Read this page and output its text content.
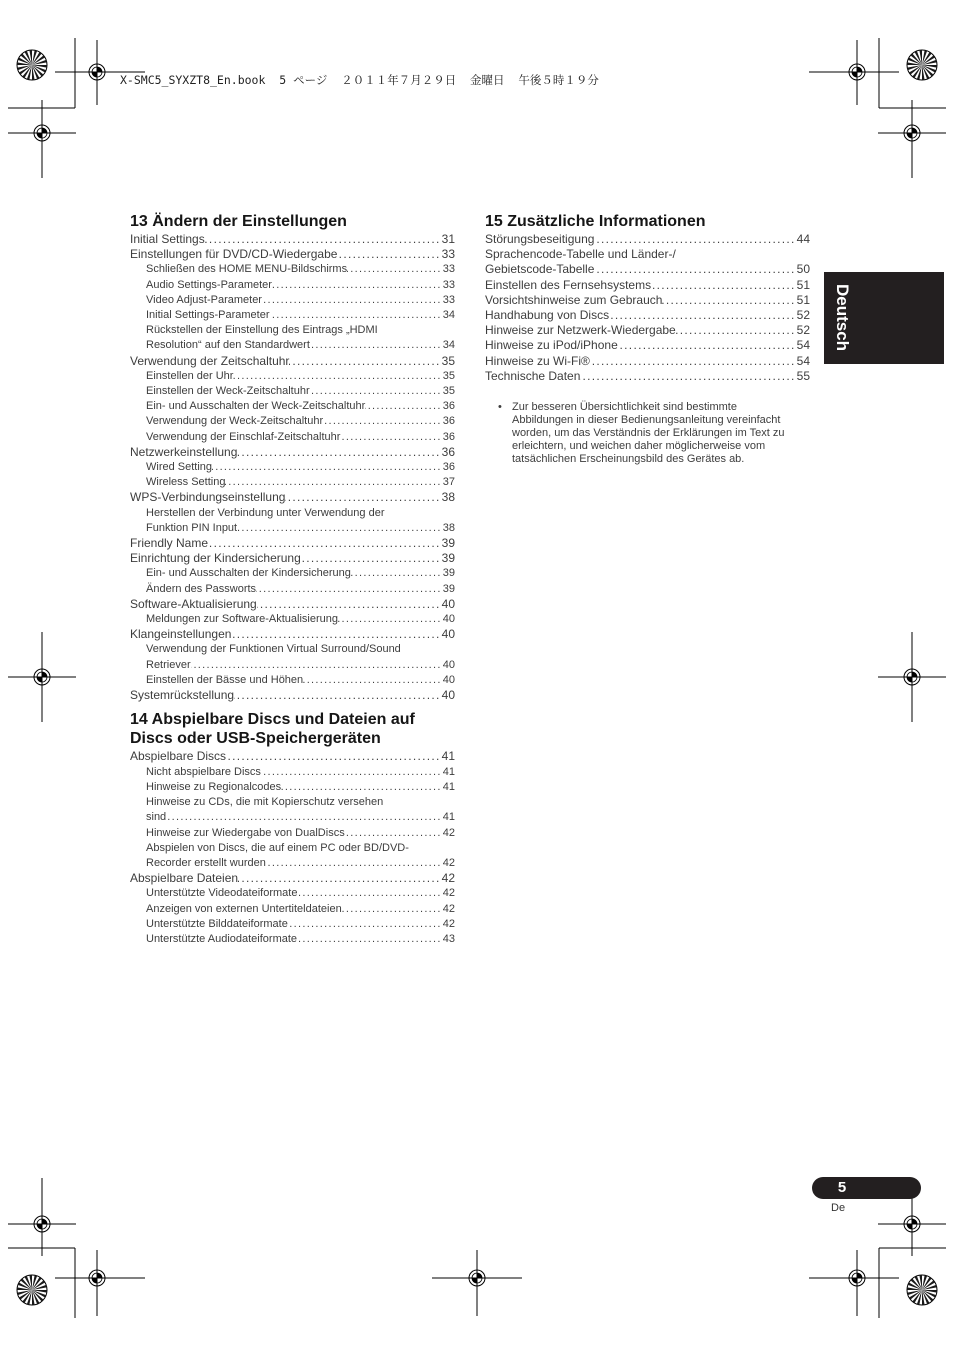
X-SMC5_SYXZT8_En.book  5 ページ  ２０１１年７月２９日  金曜日  午後５時１９分
13 Ändern der Einstellungen
Initial Settings .....	31
Einstellungen für DVD/CD-Wiedergabe .....	33
Schließen des HOME MENU-Bildschirms .....	33
Audio Settings-Parameter .....	33
Video Adjust-Parameter .....	33
Initial Settings-Parameter .....	34
Rückstellen der Einstellung des Eintrags „HDMI
Resolution“ auf den Standardwert .....	34
Verwendung der Zeitschaltuhr .....	35
Einstellen der Uhr .....	35
Einstellen der Weck-Zeitschaltuhr .....	35
Ein- und Ausschalten der Weck-Zeitschaltuhr .....	36
Verwendung der Weck-Zeitschaltuhr .....	36
Verwendung der Einschlaf-Zeitschaltuhr .....	36
Netzwerkeinstellung .....	36
Wired Setting .....	36
Wireless Setting .....	37
WPS-Verbindungseinstellung .....	38
Herstellen der Verbindung unter Verwendung der
Funktion PIN Input .....	38
Friendly Name .....	39
Einrichtung der Kindersicherung .....	39
Ein- und Ausschalten der Kindersicherung .....	39
Ändern des Passworts .....	39
Software-Aktualisierung .....	40
Meldungen zur Software-Aktualisierung .....	40
Klangeinstellungen .....	40
Verwendung der Funktionen Virtual Surround/Sound
Retriever .....	40
Einstellen der Bässe und Höhen .....	40
Systemrückstellung .....	40
14 Abspielbare Discs und Dateien auf
Discs oder USB-Speichergeräten
Abspielbare Discs .....	41
Nicht abspielbare Discs .....	41
Hinweise zu Regionalcodes .....	41
Hinweise zu CDs, die mit Kopierschutz versehen
sind .....	41
Hinweise zur Wiedergabe von DualDiscs .....	42
Abspielen von Discs, die auf einem PC oder BD/DVD-
Recorder erstellt wurden .....	42
Abspielbare Dateien .....	42
Unterstützte Videodateiformate .....	42
Anzeigen von externen Untertiteldateien .....	42
Unterstützte Bilddateiformate .....	42
Unterstützte Audiodateiformate .....	43
15 Zusätzliche Informationen
Störungsbeseitigung .....	44
Sprachencode-Tabelle und Länder-/
Gebietscode-Tabelle .....	50
Einstellen des Fernsehsystems .....	51
Vorsichtshinweise zum Gebrauch .....	51
Handhabung von Discs .....	52
Hinweise zur Netzwerk-Wiedergabe .....	52
Hinweise zu iPod/iPhone .....	54
Hinweise zu Wi-Fi® .....	54
Technische Daten .....	55
• Zur besseren Übersichtlichkeit sind bestimmte
Abbildungen in dieser Bedienungsanleitung vereinfacht
worden, um das Verständnis der Erklärungen im Text zu
erleichtern, und weichen daher möglicherweise vom
tatsächlichen Erscheinungsbild des Gerätes ab.
Deutsch
5
De
